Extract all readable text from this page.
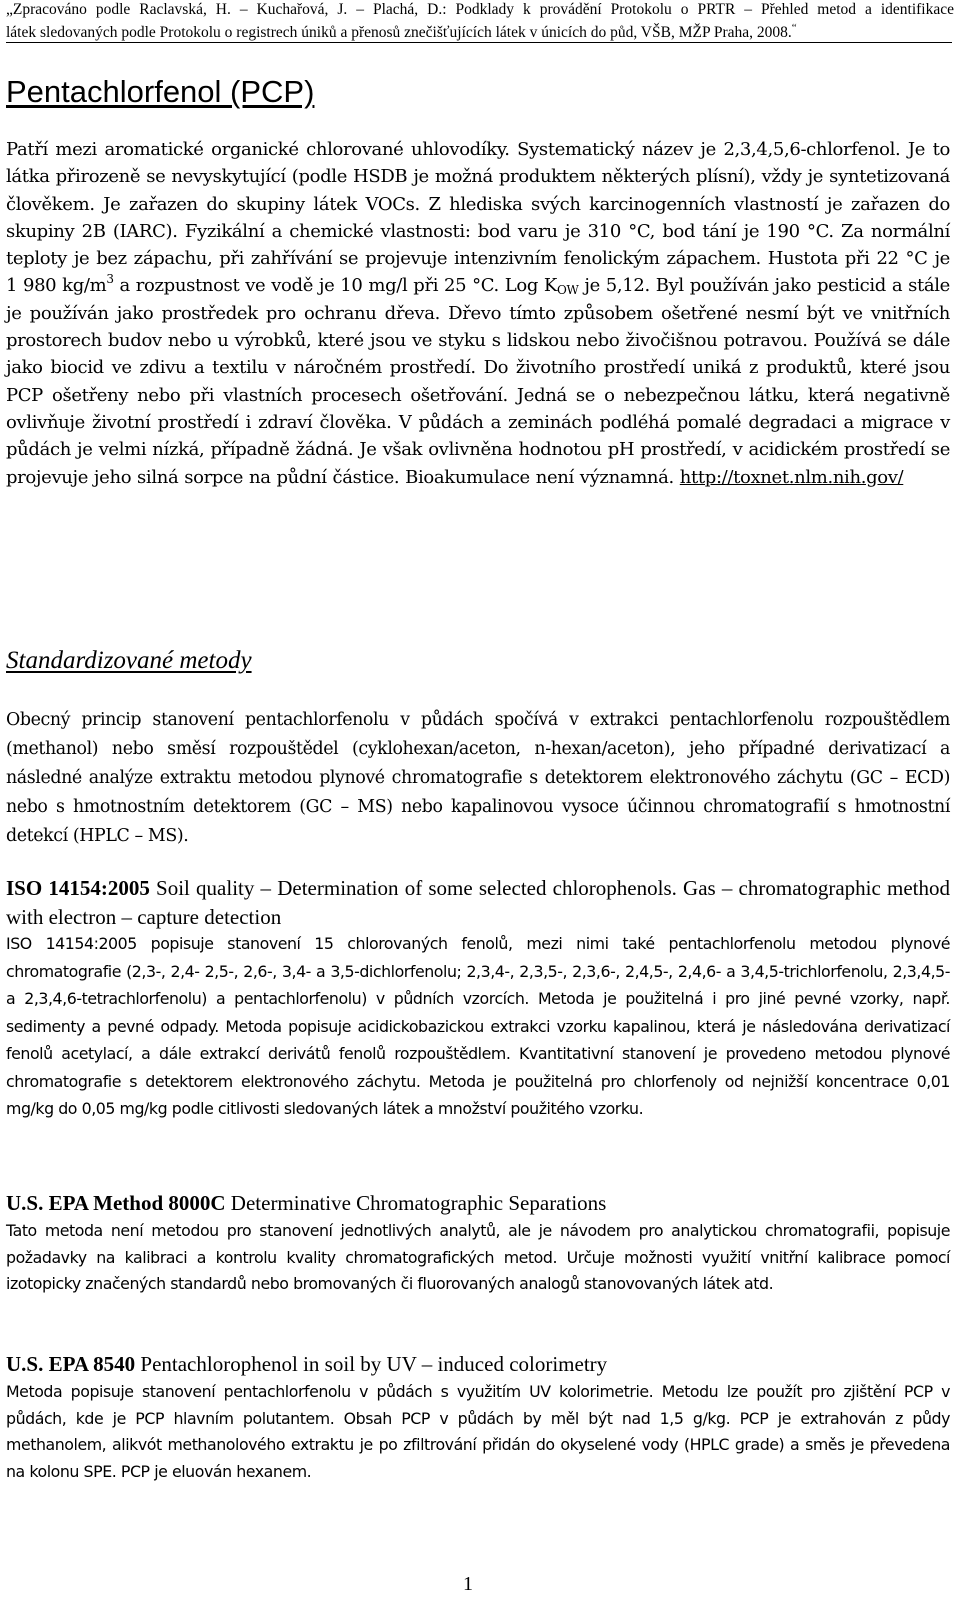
„Zpracováno podle Raclavská, H. – Kuchařová, J. – Plachá, D.: Podklady k provádění Protokolu o PRTR – Přehled metod a identifikace
látek sledovaných podle Protokolu o registrech úniků a přenosů znečišťujících látek v únicích do půd, VŠB, MŽP Praha, 2008.“
Pentachlorfenol (PCP)

Patří mezi aromatické organické chlorované uhlovodíky. Systematický název je 2,3,4,5,6-chlorfenol. Je to látka přirozeně se nevyskytující (podle HSDB je možná produktem některých plísní), vždy je syntetizovaná člověkem. Je zařazen do skupiny látek VOCs. Z hlediska svých karcinogenních vlastností je zařazen do skupiny 2B (IARC). Fyzikální a chemické vlastnosti: bod varu je 310 °C, bod tání je 190 °C. Za normální teploty je bez zápachu, při zahřívání se projevuje intenzivním fenolickým zápachem. Hustota při 22 °C je 1 980 $kg/m^3$ a rozpustnost ve vodě je 10 mg/l při 25 °C. Log $K_{OW}$ je 5,12. Byl používán jako pesticid a stále je používán jako prostředek pro ochranu dřeva. Dřevo tímto způsobem ošetřené nesmí být ve vnitřních prostorech budov nebo u výrobků, které jsou ve styku s lidskou nebo živočišnou potravou. Používá se dále jako biocid ve zdivu a textilu v náročném prostředí. Do životního prostředí uniká z produktů, které jsou PCP ošetřeny nebo při vlastních procesech ošetřování. Jedná se o nebezpečnou látku, která negativně ovlivňuje životní prostředí i zdraví člověka. V půdách a zeminách podléhá pomalé degradaci a migrace v půdách je velmi nízká, případně žádná. Je však ovlivněna hodnotou pH prostředí, v acidickém prostředí se projevuje jeho silná sorpce na půdní částice. Bioakumulace není významná. http://toxnet.nlm.nih.gov/

Standardizované metody

Obecný princip stanovení pentachlorfenolu v půdách spočívá v extrakci pentachlorfenolu rozpouštědlem (methanol) nebo směsí rozpouštědel (cyklohexan/aceton, n-hexan/aceton), jeho případné derivatizací a následné analýze extraktu metodou plynové chromatografie s detektorem elektronového záchytu (GC – ECD) nebo s hmotnostním detektorem (GC – MS) nebo kapalinovou vysoce účinnou chromatografií s hmotnostní detekcí (HPLC – MS).

ISO 14154:2005 Soil quality – Determination of some selected chlorophenols. Gas – chromatographic method with electron – capture detection

ISO 14154:2005 popisuje stanovení 15 chlorovaných fenolů, mezi nimi také pentachlorfenolu metodou plynové chromatografie (2,3-, 2,4- 2,5-, 2,6-, 3,4- a 3,5-dichlorfenolu; 2,3,4-, 2,3,5-, 2,3,6-, 2,4,5-, 2,4,6- a 3,4,5-trichlorfenolu, 2,3,4,5- a 2,3,4,6-tetrachlorfenolu) a pentachlorfenolu) v půdních vzorcích. Metoda je použitelná i pro jiné pevné vzorky, např. sedimenty a pevné odpady. Metoda popisuje acidickobazickou extrakci vzorku kapalinou, která je následována derivatizací fenolů acetylací, a dále extrakcí derivátů fenolů rozpouštědlem. Kvantitativní stanovení je provedeno metodou plynové chromatografie s detektorem elektronového záchytu. Metoda je použitelná pro chlorfenoly od nejnižší koncentrace 0,01 mg/kg do 0,05 mg/kg podle citlivosti sledovaných látek a množství použitého vzorku.

U.S. EPA Method 8000C Determinative Chromatographic Separations

Tato metoda není metodou pro stanovení jednotlivých analytů, ale je návodem pro analytickou chromatografii, popisuje požadavky na kalibraci a kontrolu kvality chromatografických metod. Určuje možnosti využití vnitřní kalibrace pomocí izotopicky značených standardů nebo bromovaných či fluorovaných analogů stanovovaných látek atd.

U.S. EPA 8540 Pentachlorophenol in soil by UV – induced colorimetry

Metoda popisuje stanovení pentachlorfenolu v půdách s využitím UV kolorimetrie. Metodu lze použít pro zjištění PCP v půdách, kde je PCP hlavním polutantem. Obsah PCP v půdách by měl být nad 1,5 g/kg. PCP je extrahován z půdy methanolem, alikvót methanolového extraktu je po zfiltrování přidán do okyselené vody (HPLC grade) a směs je převedena na kolonu SPE. PCP je eluován hexanem.

1
